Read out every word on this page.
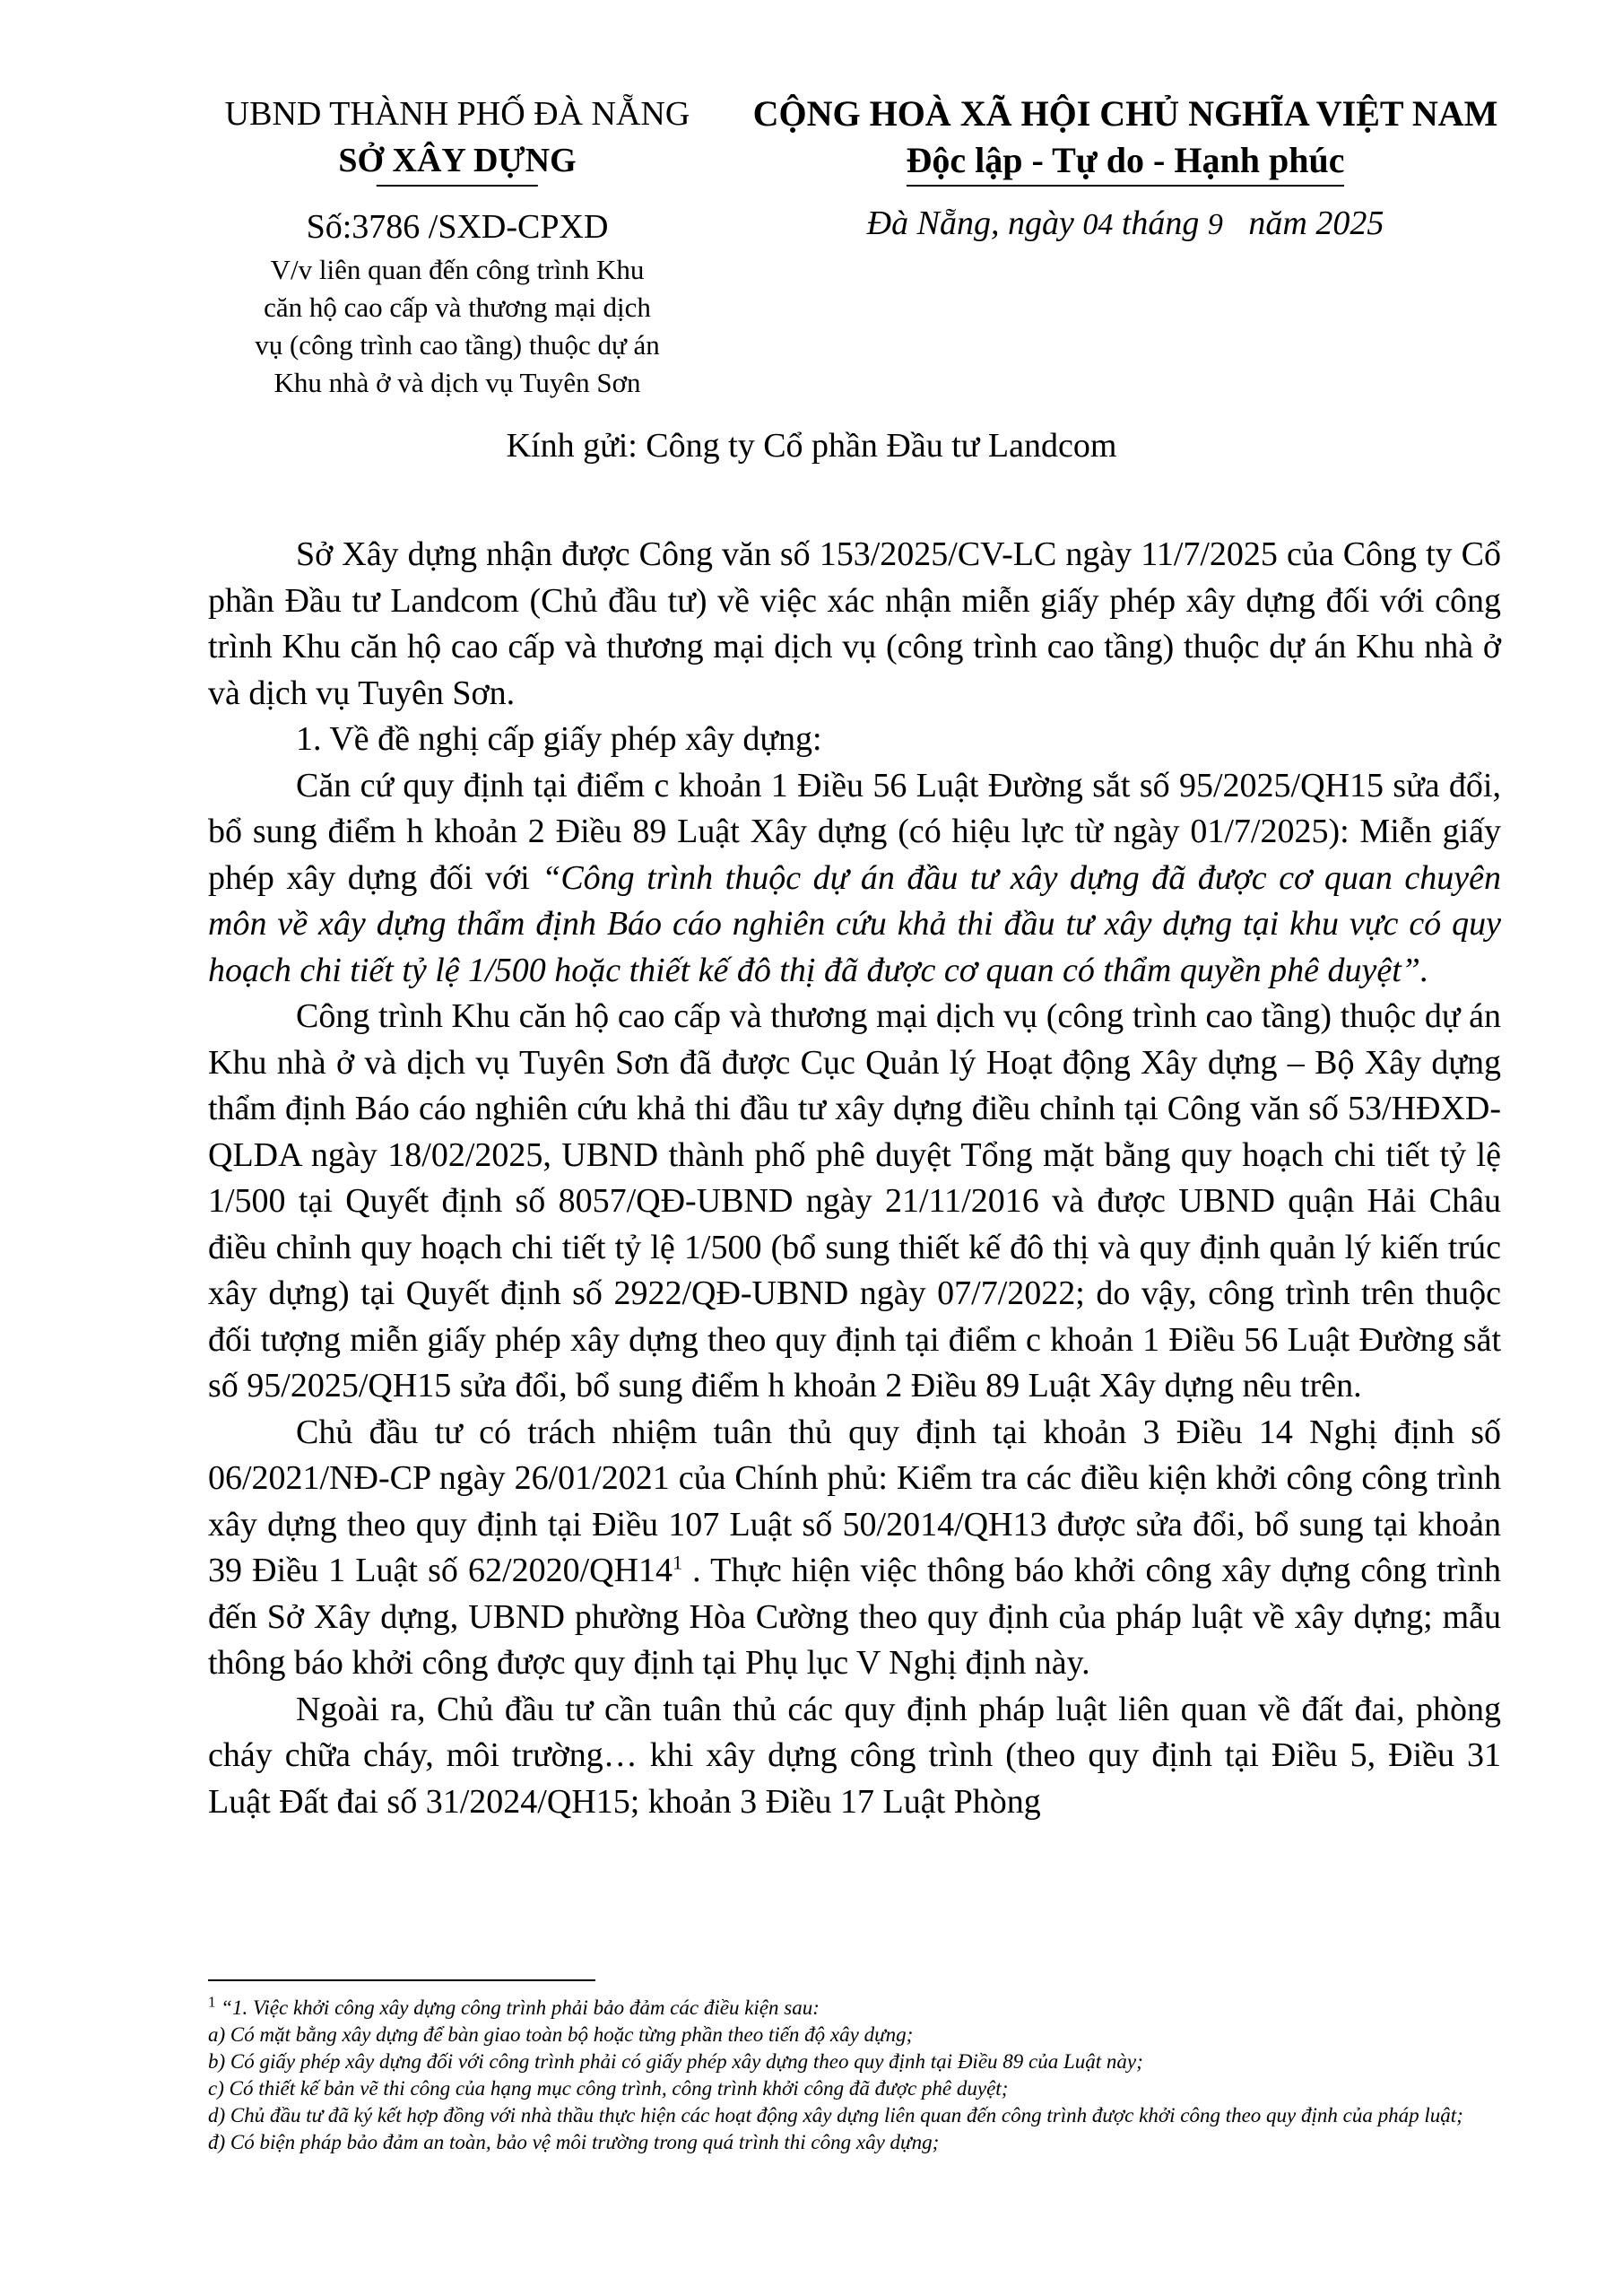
UBND THÀNH PHỐ ĐÀ NẴNG
SỞ XÂY DỰNG
Số:3786 /SXD-CPXD
V/v liên quan đến công trình Khu
căn hộ cao cấp và thương mại dịch
vụ (công trình cao tầng) thuộc dự án
Khu nhà ở và dịch vụ Tuyên Sơn
CỘNG HOÀ XÃ HỘI CHỦ NGHĨA VIỆT NAM
Độc lập - Tự do - Hạnh phúc
Đà Nẵng, ngày 04 tháng 9   năm 2025
Kính gửi: Công ty Cổ phần Đầu tư Landcom

Sở Xây dựng nhận được Công văn số 153/2025/CV-LC ngày 11/7/2025 của Công ty Cổ phần Đầu tư Landcom (Chủ đầu tư) về việc xác nhận miễn giấy phép xây dựng đối với công trình Khu căn hộ cao cấp và thương mại dịch vụ (công trình cao tầng) thuộc dự án Khu nhà ở và dịch vụ Tuyên Sơn.

1. Về đề nghị cấp giấy phép xây dựng:

Căn cứ quy định tại điểm c khoản 1 Điều 56 Luật Đường sắt số 95/2025/QH15 sửa đổi, bổ sung điểm h khoản 2 Điều 89 Luật Xây dựng (có hiệu lực từ ngày 01/7/2025): Miễn giấy phép xây dựng đối với “Công trình thuộc dự án đầu tư xây dựng đã được cơ quan chuyên môn về xây dựng thẩm định Báo cáo nghiên cứu khả thi đầu tư xây dựng tại khu vực có quy hoạch chi tiết tỷ lệ 1/500 hoặc thiết kế đô thị đã được cơ quan có thẩm quyền phê duyệt”.

Công trình Khu căn hộ cao cấp và thương mại dịch vụ (công trình cao tầng) thuộc dự án Khu nhà ở và dịch vụ Tuyên Sơn đã được Cục Quản lý Hoạt động Xây dựng – Bộ Xây dựng thẩm định Báo cáo nghiên cứu khả thi đầu tư xây dựng điều chỉnh tại Công văn số 53/HĐXD-QLDA ngày 18/02/2025, UBND thành phố phê duyệt Tổng mặt bằng quy hoạch chi tiết tỷ lệ 1/500 tại Quyết định số 8057/QĐ-UBND ngày 21/11/2016 và được UBND quận Hải Châu điều chỉnh quy hoạch chi tiết tỷ lệ 1/500 (bổ sung thiết kế đô thị và quy định quản lý kiến trúc xây dựng) tại Quyết định số 2922/QĐ-UBND ngày 07/7/2022; do vậy, công trình trên thuộc đối tượng miễn giấy phép xây dựng theo quy định tại điểm c khoản 1 Điều 56 Luật Đường sắt số 95/2025/QH15 sửa đổi, bổ sung điểm h khoản 2 Điều 89 Luật Xây dựng nêu trên.

Chủ đầu tư có trách nhiệm tuân thủ quy định tại khoản 3 Điều 14 Nghị định số 06/2021/NĐ-CP ngày 26/01/2021 của Chính phủ: Kiểm tra các điều kiện khởi công công trình xây dựng theo quy định tại Điều 107 Luật số 50/2014/QH13 được sửa đổi, bổ sung tại khoản 39 Điều 1 Luật số $62/2020/QH14^1$ . Thực hiện việc thông báo khởi công xây dựng công trình đến Sở Xây dựng, UBND phường Hòa Cường theo quy định của pháp luật về xây dựng; mẫu thông báo khởi công được quy định tại Phụ lục V Nghị định này.

Ngoài ra, Chủ đầu tư cần tuân thủ các quy định pháp luật liên quan về đất đai, phòng cháy chữa cháy, môi trường… khi xây dựng công trình (theo quy định tại Điều 5, Điều 31 Luật Đất đai số 31/2024/QH15; khoản 3 Điều 17 Luật Phòng

$^1$ “1. Việc khởi công xây dựng công trình phải bảo đảm các điều kiện sau:

a) Có mặt bằng xây dựng để bàn giao toàn bộ hoặc từng phần theo tiến độ xây dựng;

b) Có giấy phép xây dựng đối với công trình phải có giấy phép xây dựng theo quy định tại Điều 89 của Luật này;

c) Có thiết kế bản vẽ thi công của hạng mục công trình, công trình khởi công đã được phê duyệt;

d) Chủ đầu tư đã ký kết hợp đồng với nhà thầu thực hiện các hoạt động xây dựng liên quan đến công trình được khởi công theo quy định của pháp luật;

đ) Có biện pháp bảo đảm an toàn, bảo vệ môi trường trong quá trình thi công xây dựng;
